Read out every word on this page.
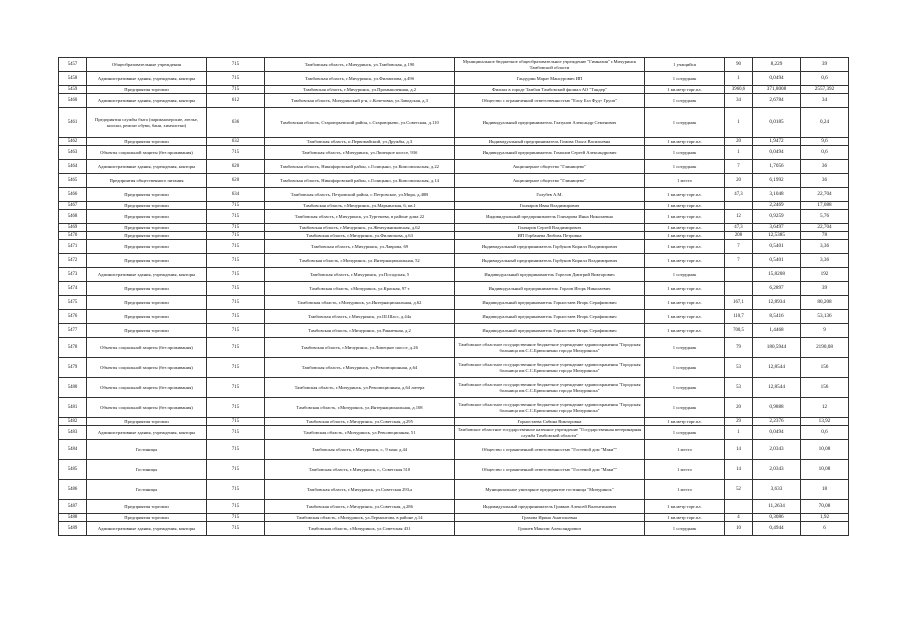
5457	Общеобразовательные учреждения	715	Тамбовская область, г.Мичуринск, ул.Тамбовская, д.190	Муниципальное бюджетное общеобразовательное учреждение "Гимназия" г.Мичуринск Тамбовской области	1 учащийся	90	8,229	39
5458	Административные здания, учреждения, конторы	715	Тамбовская область, г.Мичуринск, ул.Филиппова, д.49б	Гандурин Марат Мансурович ИП	1 сотрудник	1	0,0494	0,6
5459	Предприятия торговли	715	Тамбовская область, г.Мичуринск, ул.Промышленная, д.2	Филиал в городе Тамбов Тамбовский филиал АО "Тандер"	1 кв.метр торг.пл.	3960,6	371,8008	2557,392
5460	Административные здания, учреждения, конторы	612	Тамбовская область, Мичуринский р-н, с.Кочетовка, ул.Заводская, д.3	Общество с ограниченной ответственностью "Елоу Бэл Фуд+ Групп"	1 сотрудник	34	2,6784	34
5461	Предприятия службы быта (парикмахерские, ателье, киоски, ремонт обуви, бани, химчистки)	636	Тамбовская область, Староюрьевский район, с.Староюрьево, ул.Советская, д.110	Индивидуальный предприниматель Глазунов Александр Семенович	1 сотрудник	1	0,0185	0,24
5462	Предприятия торговли	632	Тамбовская область, п.Первомайский, ул.Дружбы, д.3	Индивидуальный предприниматель Гомова Ольга Васильевна	1 кв.метр торг.пл.	20	1,9472	9,6
5463	Объекты социальной защиты (без проживания)	715	Тамбовская область, г.Мичуринск, ул.Липецкое шоссе, 93б	Индивидуальный предприниматель Гомонов Сергей Александрович	1 сотрудник	1	0,0494	0,6
5464	Административные здания, учреждения, конторы	620	Тамбовская область, Никифоровский район, с.Голицыно, ул.Комсомольская, д.22	Акционерное общество "Глинищево"	1 сотрудник	7	1,7056	36
5465	Предприятия общественного питания	620	Тамбовская область, Никифоровский район, с.Голицыно, ул.Комсомольская, д.14	Акционерное общество "Глинищево"	1 место	20	6,1992	36
5466	Предприятия торговли	634	Тамбовская область, Петровский район, с.Петровское, ул.Мира, д.48В	Голубев А.М.	1 кв.метр торг.пл.	47,3	3,1048	22,704
5467	Предприятия торговли	715	Тамбовская область, г.Мичуринск, ул.Марьинская, 6, кв.1	Гончаров Иван Владимирович	1 кв.метр торг.пл.		2,2469	17,088
5468	Предприятия торговли	715	Тамбовская область, г.Мичуринск, ул.Тургенева, в районе дома 22	Индивидуальный предприниматель Гончарова Инна Николаевна	1 кв.метр торг.пл.	12	0,9259	5,76
5469	Предприятия торговли	715	Тамбовская область, г.Мичуринск, ул.Жемчужниковская, д.62	Гончаров Сергей Владимирович	1 кв.метр торг.пл.	47,3	3,6497	22,704
5470	Предприятия торговли	715	Тамбовская область, г.Мичуринск, ул.Филиппова, д.63	ИП Горбанева Любовь Петровна	1 кв.метр торг.пл.	208	12,5385	78
5471	Предприятия торговли	715	Тамбовская область, г.Мичуринск, ул.Лаврова, 69	Индивидуальный предприниматель Горбунов Кирилл Владимирович	1 кв.метр торг.пл.	7	0,5401	3,36
5472	Предприятия торговли	715	Тамбовская область, г.Мичуринск, ул.Интернациональная, 52	Индивидуальный предприниматель Горбунов Кирилл Владимирович	1 кв.метр торг.пл.	7	0,5401	3,36
5473	Административные здания, учреждения, конторы	715	Тамбовская область, г.Мичуринск, ул.Посадская, 5	Индивидуальный предприниматель Горелов Дмитрий Викторович	1 сотрудник		15,8208	192
5474	Предприятия торговли	715	Тамбовская область, г.Мичуринск, ул.Красная, 97 т	Индивидуальный предприниматель Горлов Игорь Николаевич	1 кв.метр торг.пл.		6,2897	39
5475	Предприятия торговли	715	Тамбовская область, г.Мичуринск, ул.Интернациональная, д.62	Индивидуальный предприниматель Горностаев Игорь Серафимович	1 кв.метр торг.пл.	167,1	12,8934	80,208
5476	Предприятия торговли	715	Тамбовская область, г.Мичуринск, ул.Ш.Шасс, д.44а	Индивидуальный предприниматель Горностаев Игорь Серафимович	1 кв.метр торг.пл.	110,7	8,5416	53,136
5477	Предприятия торговли	715	Тамбовская область, г.Мичуринск, ул.Раннечная, д.2	Индивидуальный предприниматель Горностаев Игорь Серафимович	1 кв.метр торг.пл.	700,5	1,4468	9
5478	Объекты социальной защиты (без проживания)	715	Тамбовская область, г.Мичуринск, ул.Липецкое шоссе, д.26	Тамбовское областное государственное бюджетное учреждение здравоохранения "Городская больница им.С.С.Брюхоненко города Мичуринска"	1 сотрудник	79	180,5944	2190,08
5479	Объекты социальной защиты (без проживания)	715	Тамбовская область, г.Мичуринск, ул.Революционная, д.64	Тамбовское областное государственное бюджетное учреждение здравоохранения "Городская больница им.С.С.Брюхоненко города Мичуринска"	1 сотрудник	53	12,8544	156
5480	Объекты социальной защиты (без проживания)	715	Тамбовская область, г.Мичуринск, ул.Революционная, д.64 литера	Тамбовское областное государственное бюджетное учреждение здравоохранения "Городская больница им.С.С.Брюхоненко города Мичуринска"	1 сотрудник	53	12,8544	156
5481	Объекты социальной защиты (без проживания)	715	Тамбовская область, г.Мичуринск, ул.Интернациональная, д.108	Тамбовское областное государственное бюджетное учреждение здравоохранения "Городская больница им.С.С.Брюхоненко города Мичуринска"	1 сотрудник	20	0,9888	12
5482	Предприятия торговли	715	Тамбовская область, г.Мичуринск, ул.Советская, д.295	Горностаева Сабина Викторовна	1 кв.метр торг.пл.	29	2,2376	13,92
5483	Административные здания, учреждения, конторы	715	Тамбовская область, г.Мичуринск, ул.Революционная, 51	Тамбовское областное государственное казенное учреждение "Государственная ветеринарная служба Тамбовской области"	1 сотрудник	1	0,0494	0,6
5484	Гостиницы	715	Тамбовская область, г.Мичуринск, г., 9 маяс д.44	Общество с ограниченной ответственностью "Гостевой дом "Маки""	1 место	14	2,0343	10,08
5485	Гостиницы	715	Тамбовская область, г.Мичуринск, г., Советская 510	Общество с ограниченной ответственностью "Гостевой дом "Маки""	1 место	14	2,0343	10,08
5486	Гостиницы	715	Тамбовская область, г.Мичуринск, ул.Советская 293,а	Муниципальное унитарное предприятие гостиница "Мичуринск"	1 место	52	3,633	18
5487	Предприятия торговли	715	Тамбовская область, г.Мичуринск, ул.Советская, д.286	Индивидуальный предприниматель Гравков Алексей Валентинович	1 кв.метр торг.пл.		11,2634	70,08
5488	Предприятия торговли	715	Тамбовская область, г.Мичуринск, ул.Лермонтова, в районе д.14	Грахова Ирина Анатольевна	1 кв.метр торг.пл.	4	0,3086	1,92
5489	Административные здания, учреждения, конторы	715	Тамбовская область, г.Мичуринск, ул.Советская 431	Грошев Максим Александрович	1 сотрудник	10	0,4944	6
